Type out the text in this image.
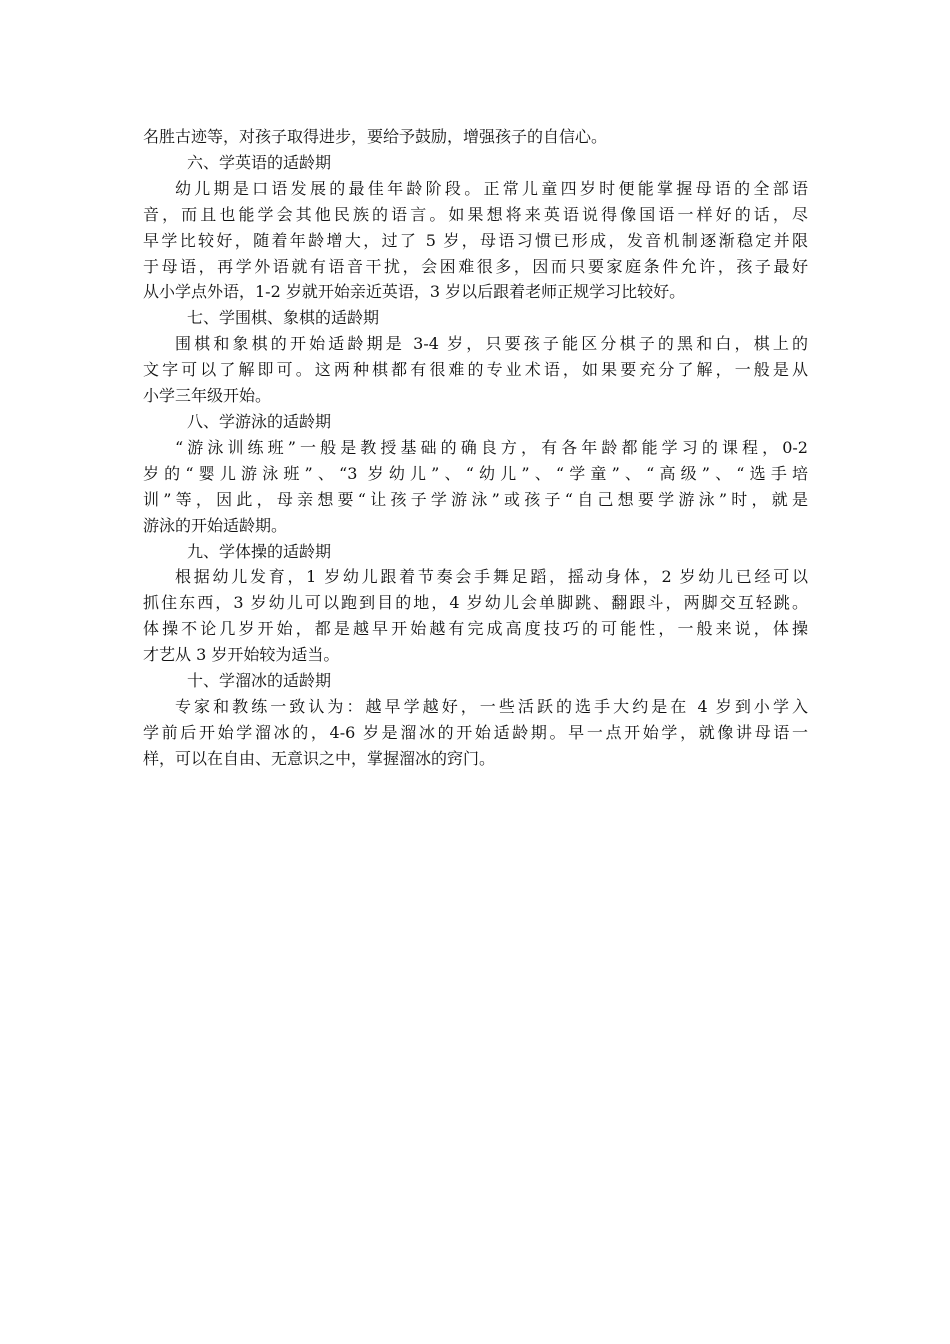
名胜古迹等，对孩子取得进步，要给予鼓励，增强孩子的自信心。
六、学英语的适龄期
幼儿期是口语发展的最佳年龄阶段。正常儿童四岁时便能掌握母语的全部语
音，而且也能学会其他民族的语言。如果想将来英语说得像国语一样好的话，尽
早学比较好，随着年龄增大，过了 5 岁，母语习惯已形成，发音机制逐渐稳定并限
于母语，再学外语就有语音干扰，会困难很多，因而只要家庭条件允许，孩子最好
从小学点外语，1-2 岁就开始亲近英语，3 岁以后跟着老师正规学习比较好。
七、学围棋、象棋的适龄期
围棋和象棋的开始适龄期是 3-4 岁，只要孩子能区分棋子的黑和白，棋上的
文字可以了解即可。这两种棋都有很难的专业术语，如果要充分了解，一般是从
小学三年级开始。
八、学游泳的适龄期
“游泳训练班”一般是教授基础的确良方，有各年龄都能学习的课程，0-2
岁的“婴儿游泳班”、“3 岁幼儿”、“幼儿”、“学童”、“高级”、“选手培
训”等，因此，母亲想要“让孩子学游泳”或孩子“自己想要学游泳”时，就是
游泳的开始适龄期。
九、学体操的适龄期
根据幼儿发育，1 岁幼儿跟着节奏会手舞足蹈，摇动身体，2 岁幼儿已经可以
抓住东西，3 岁幼儿可以跑到目的地，4 岁幼儿会单脚跳、翻跟斗，两脚交互轻跳。
体操不论几岁开始，都是越早开始越有完成高度技巧的可能性，一般来说，体操
才艺从 3 岁开始较为适当。
十、学溜冰的适龄期
专家和教练一致认为：越早学越好，一些活跃的选手大约是在 4 岁到小学入
学前后开始学溜冰的，4-6 岁是溜冰的开始适龄期。早一点开始学，就像讲母语一
样，可以在自由、无意识之中，掌握溜冰的窍门。
